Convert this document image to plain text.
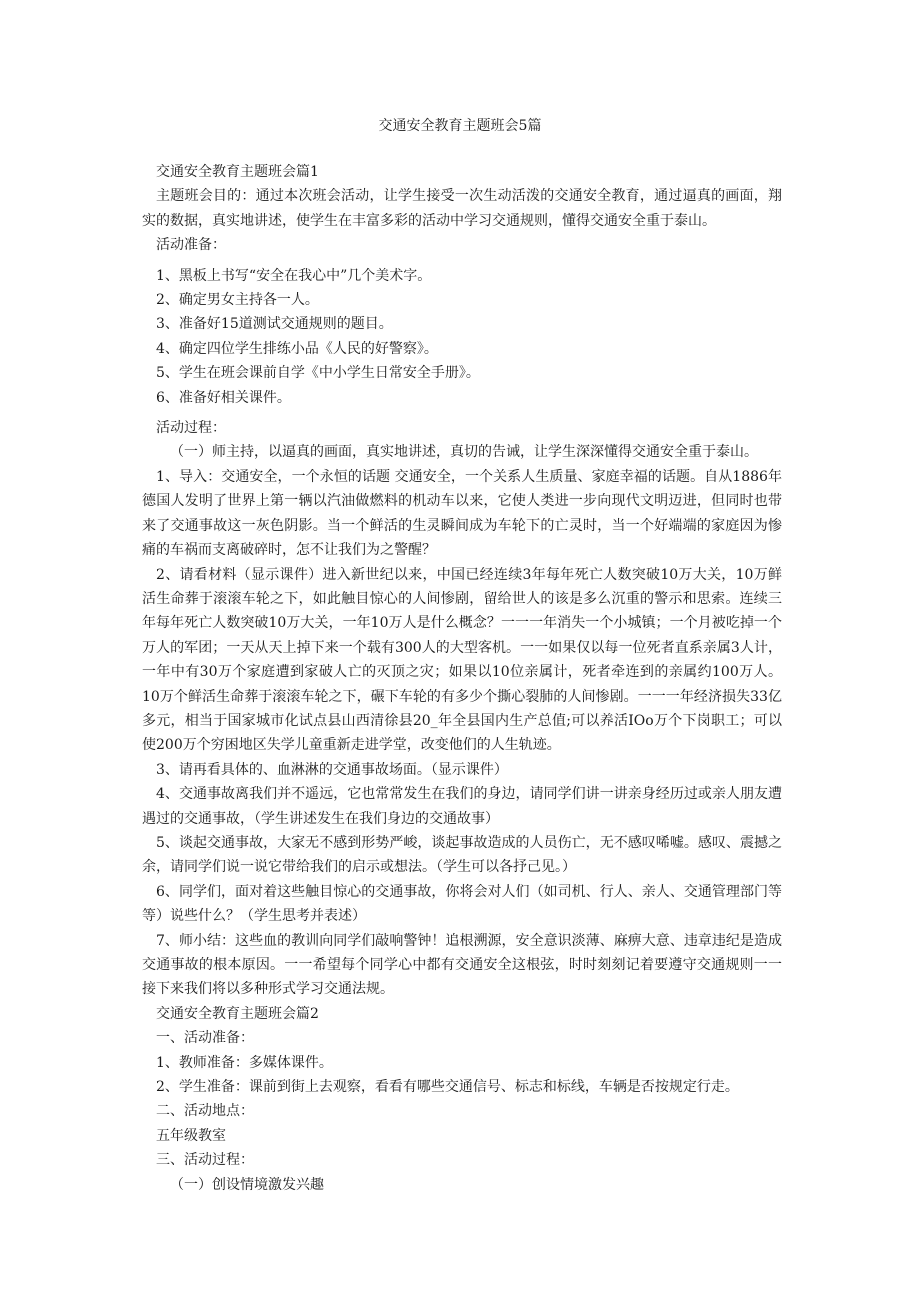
交通安全教育主题班会5篇

交通安全教育主题班会篇1

主题班会目的：通过本次班会活动，让学生接受一次生动活泼的交通安全教育，通过逼真的画面，翔实的数据，真实地讲述，使学生在丰富多彩的活动中学习交通规则，懂得交通安全重于泰山。

活动准备：

1、黑板上书写“安全在我心中”几个美术字。

2、确定男女主持各一人。

3、准备好15道测试交通规则的题目。

4、确定四位学生排练小品《人民的好警察》。

5、学生在班会课前自学《中小学生日常安全手册》。

6、准备好相关课件。

活动过程：

（一）师主持，以逼真的画面，真实地讲述，真切的告诫，让学生深深懂得交通安全重于泰山。

1、导入：交通安全，一个永恒的话题 交通安全，一个关系人生质量、家庭幸福的话题。自从1886年德国人发明了世界上第一辆以汽油做燃料的机动车以来，它使人类进一步向现代文明迈进，但同时也带来了交通事故这一灰色阴影。当一个鲜活的生灵瞬间成为车轮下的亡灵时，当一个好端端的家庭因为惨痛的车祸而支离破碎时，怎不让我们为之警醒？

2、请看材料（显示课件）进入新世纪以来，中国已经连续3年每年死亡人数突破10万大关，10万鲜活生命葬于滚滚车轮之下，如此触目惊心的人间惨剧，留给世人的该是多么沉重的警示和思索。连续三年每年死亡人数突破10万大关，一年10万人是什么概念？一一一年消失一个小城镇；一个月被吃掉一个万人的军团；一天从天上掉下来一个载有300人的大型客机。一一如果仅以每一位死者直系亲属3人计，一年中有30万个家庭遭到家破人亡的灭顶之灾；如果以10位亲属计，死者牵连到的亲属约100万人。10万个鲜活生命葬于滚滚车轮之下，碾下车轮的有多少个撕心裂肺的人间惨剧。一一一年经济损失33亿多元，相当于国家城市化试点县山西清徐县20_年全县国内生产总值;可以养活IOo万个下岗职工；可以使200万个穷困地区失学儿童重新走进学堂，改变他们的人生轨迹。

3、请再看具体的、血淋淋的交通事故场面。（显示课件）

4、交通事故离我们并不遥远，它也常常发生在我们的身边，请同学们讲一讲亲身经历过或亲人朋友遭遇过的交通事故，（学生讲述发生在我们身边的交通故事）

5、谈起交通事故，大家无不感到形势严峻，谈起事故造成的人员伤亡，无不感叹唏嘘。感叹、震撼之余，请同学们说一说它带给我们的启示或想法。（学生可以各抒己见。）

6、同学们，面对着这些触目惊心的交通事故，你将会对人们（如司机、行人、亲人、交通管理部门等等）说些什么？（学生思考并表述）

7、师小结：这些血的教训向同学们敲响警钟！追根溯源，安全意识淡薄、麻痹大意、违章违纪是造成交通事故的根本原因。一一希望每个同学心中都有交通安全这根弦，时时刻刻记着要遵守交通规则一一接下来我们将以多种形式学习交通法规。

交通安全教育主题班会篇2

一、活动准备：

1、教师准备：多媒体课件。

2、学生准备：课前到街上去观察，看看有哪些交通信号、标志和标线，车辆是否按规定行走。

二、活动地点：

五年级教室

三、活动过程：

（一）创设情境激发兴趣
